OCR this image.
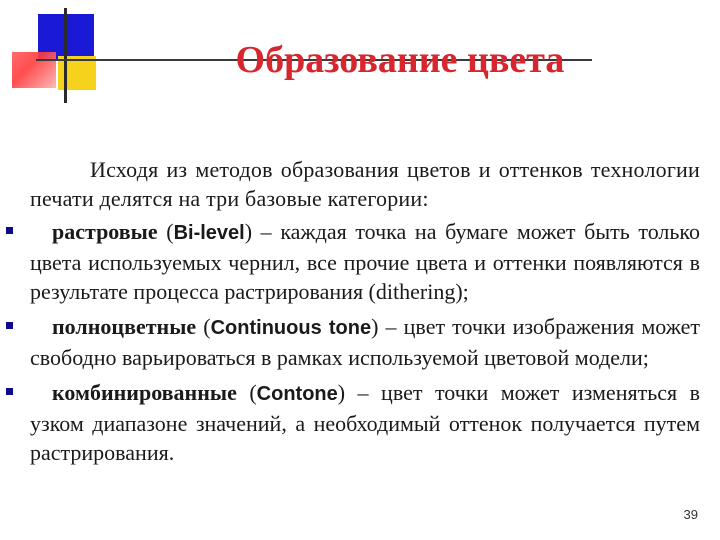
Образование цвета

Исходя из методов образования цветов и оттенков технологии печати делятся на три базовые категории:

растровые (Bi-level) – каждая точка на бумаге может быть только цвета используемых чернил, все прочие цвета и оттенки появляются в результате процесса растрирования (dithering);
полноцветные (Continuous tone) – цвет точки изображения может свободно варьироваться в рамках используемой цветовой модели;
комбинированные (Contone) – цвет точки может изменяться в узком диапазоне значений, а необходимый оттенок получается путем растрирования.
39
